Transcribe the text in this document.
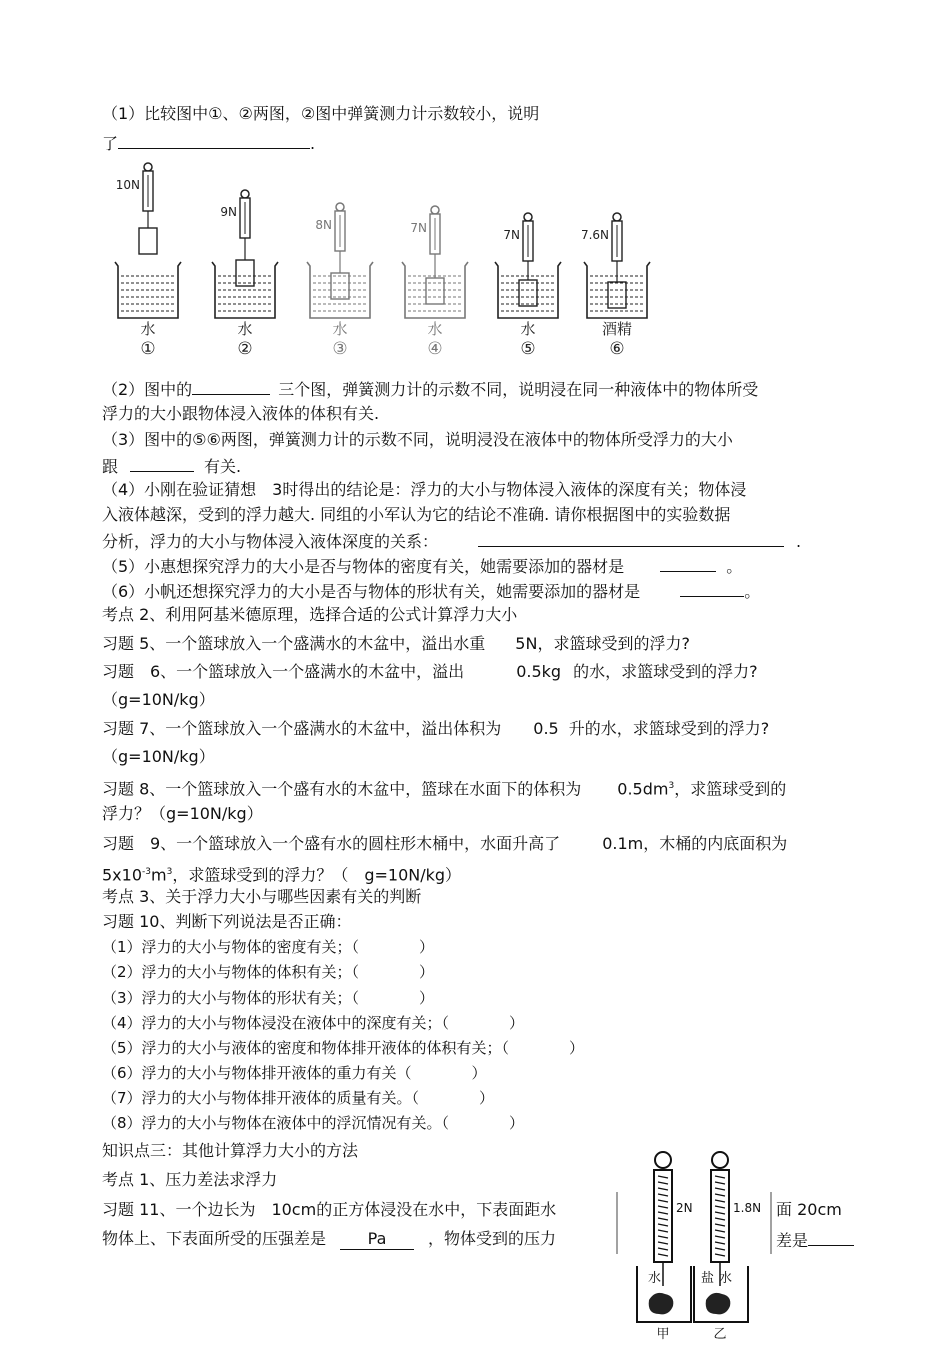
（1）比较图中①、②两图，②图中弹簧测力计示数较小，说明
了	.
10N
水
①
9N
水
②
8N
水
③
7N
水
④
7N
水
⑤
7.6N
酒精
⑥
（2）图中的	三个图，弹簧测力计的示数不同，说明浸在同一种液体中的物体所受
浮力的大小跟物体浸入液体的体积有关.
（3）图中的⑤⑥两图，弹簧测力计的示数不同，说明浸没在液体中的物体所受浮力的大小
跟	有关.
（4）小刚在验证猜想　3时得出的结论是：浮力的大小与物体浸入液体的深度有关；物体浸
入液体越深，受到的浮力越大. 同组的小军认为它的结论不准确. 请你根据图中的实验数据
分析，浮力的大小与物体浸入液体深度的关系：	.
（5）小惠想探究浮力的大小是否与物体的密度有关，她需要添加的器材是	。
（6）小帆还想探究浮力的大小是否与物体的形状有关，她需要添加的器材是	。
考点 2、利用阿基米德原理，选择合适的公式计算浮力大小
习题 5、一个篮球放入一个盛满水的木盆中，溢出水重 5N，求篮球受到的浮力?
习题　6、一个篮球放入一个盛满水的木盆中，溢出	0.5kg 的水，求篮球受到的浮力?
（g=10N/kg）
习题 7、一个篮球放入一个盛满水的木盆中，溢出体积为 0.5 升的水，求篮球受到的浮力?
（g=10N/kg）
习题 8、一个篮球放入一个盛有水的木盆中，篮球在水面下的体积为 $0.5dm^3$，求篮球受到的
浮力？（g=10N/kg）
习题　9、一个篮球放入一个盛有水的圆柱形木桶中，水面升高了	0.1m，木桶的内底面积为
$5x10^{-3}m^3$，求篮球受到的浮力？（　g=10N/kg）
考点 3、关于浮力大小与哪些因素有关的判断
习题 10、判断下列说法是否正确：
（1）浮力的大小与物体的密度有关；（　　　　）
（2）浮力的大小与物体的体积有关；（　　　　）
（3）浮力的大小与物体的形状有关；（　　　　）
（4）浮力的大小与物体浸没在液体中的深度有关；（　　　　）
（5）浮力的大小与液体的密度和物体排开液体的体积有关；（　　　　）
（6）浮力的大小与物体排开液体的重力有关（　　　　）
（7）浮力的大小与物体排开液体的质量有关。（　　　　）
（8）浮力的大小与物体在液体中的浮沉情况有关。（　　　　）
知识点三：其他计算浮力大小的方法
考点 1、压力差法求浮力
习题 11、一个边长为　10cm的正方体浸没在水中，下表面距水	面 20cm
物体上、下表面所受的压强差是	Pa	，物体受到的压力	差是
2N	1.8N
水	盐 水
甲	乙
